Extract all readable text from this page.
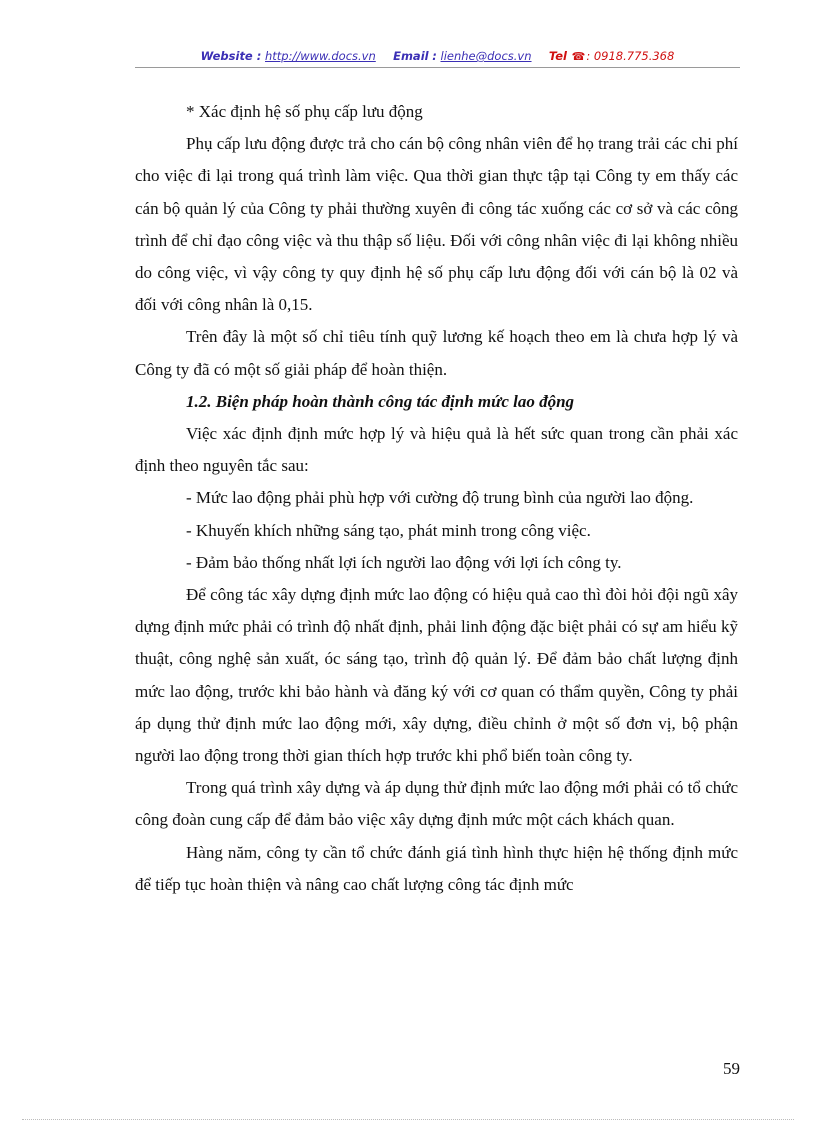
Website : http://www.docs.vn Email : lienhe@docs.vn Tel ☎: 0918.775.368

* Xác định hệ số phụ cấp lưu động

Phụ cấp lưu động được trả cho cán bộ công nhân viên để họ trang trải các chi phí cho việc đi lại trong quá trình làm việc. Qua thời gian thực tập tại Công ty em thấy các cán bộ quản lý của Công ty phải thường xuyên đi công tác xuống các cơ sở và các công trình để chỉ đạo công việc và thu thập số liệu. Đối với công nhân việc đi lại không nhiều do công việc, vì vậy công ty quy định hệ số phụ cấp lưu động đối với cán bộ là 02 và đối với công nhân là 0,15.

Trên đây là một số chỉ tiêu tính quỹ lương kế hoạch theo em là chưa hợp lý và Công ty đã có một số giải pháp để hoàn thiện.

1.2. Biện pháp hoàn thành công tác định mức lao động

Việc xác định định mức hợp lý và hiệu quả là hết sức quan trong cần phải xác định theo nguyên tắc sau:

- Mức lao động phải phù hợp với cường độ trung bình của người lao động.

- Khuyến khích những sáng tạo, phát minh trong công việc.

- Đảm bảo thống nhất lợi ích người lao động với lợi ích công ty.

Để công tác xây dựng định mức lao động có hiệu quả cao thì đòi hỏi đội ngũ xây dựng định mức phải có trình độ nhất định, phải linh động đặc biệt phải có sự am hiểu kỹ thuật, công nghệ sản xuất, óc sáng tạo, trình độ quản lý. Để đảm bảo chất lượng định mức lao động, trước khi bảo hành và đăng ký với cơ quan có thẩm quyền, Công ty phải áp dụng thử định mức lao động mới, xây dựng, điều chỉnh ở một số đơn vị, bộ phận người lao động trong thời gian thích hợp trước khi phổ biến toàn công ty.

Trong quá trình xây dựng và áp dụng thử định mức lao động mới phải có tổ chức công đoàn cung cấp để đảm bảo việc xây dựng định mức một cách khách quan.

Hàng năm, công ty cần tổ chức đánh giá tình hình thực hiện hệ thống định mức để tiếp tục hoàn thiện và nâng cao chất lượng công tác định mức

59
